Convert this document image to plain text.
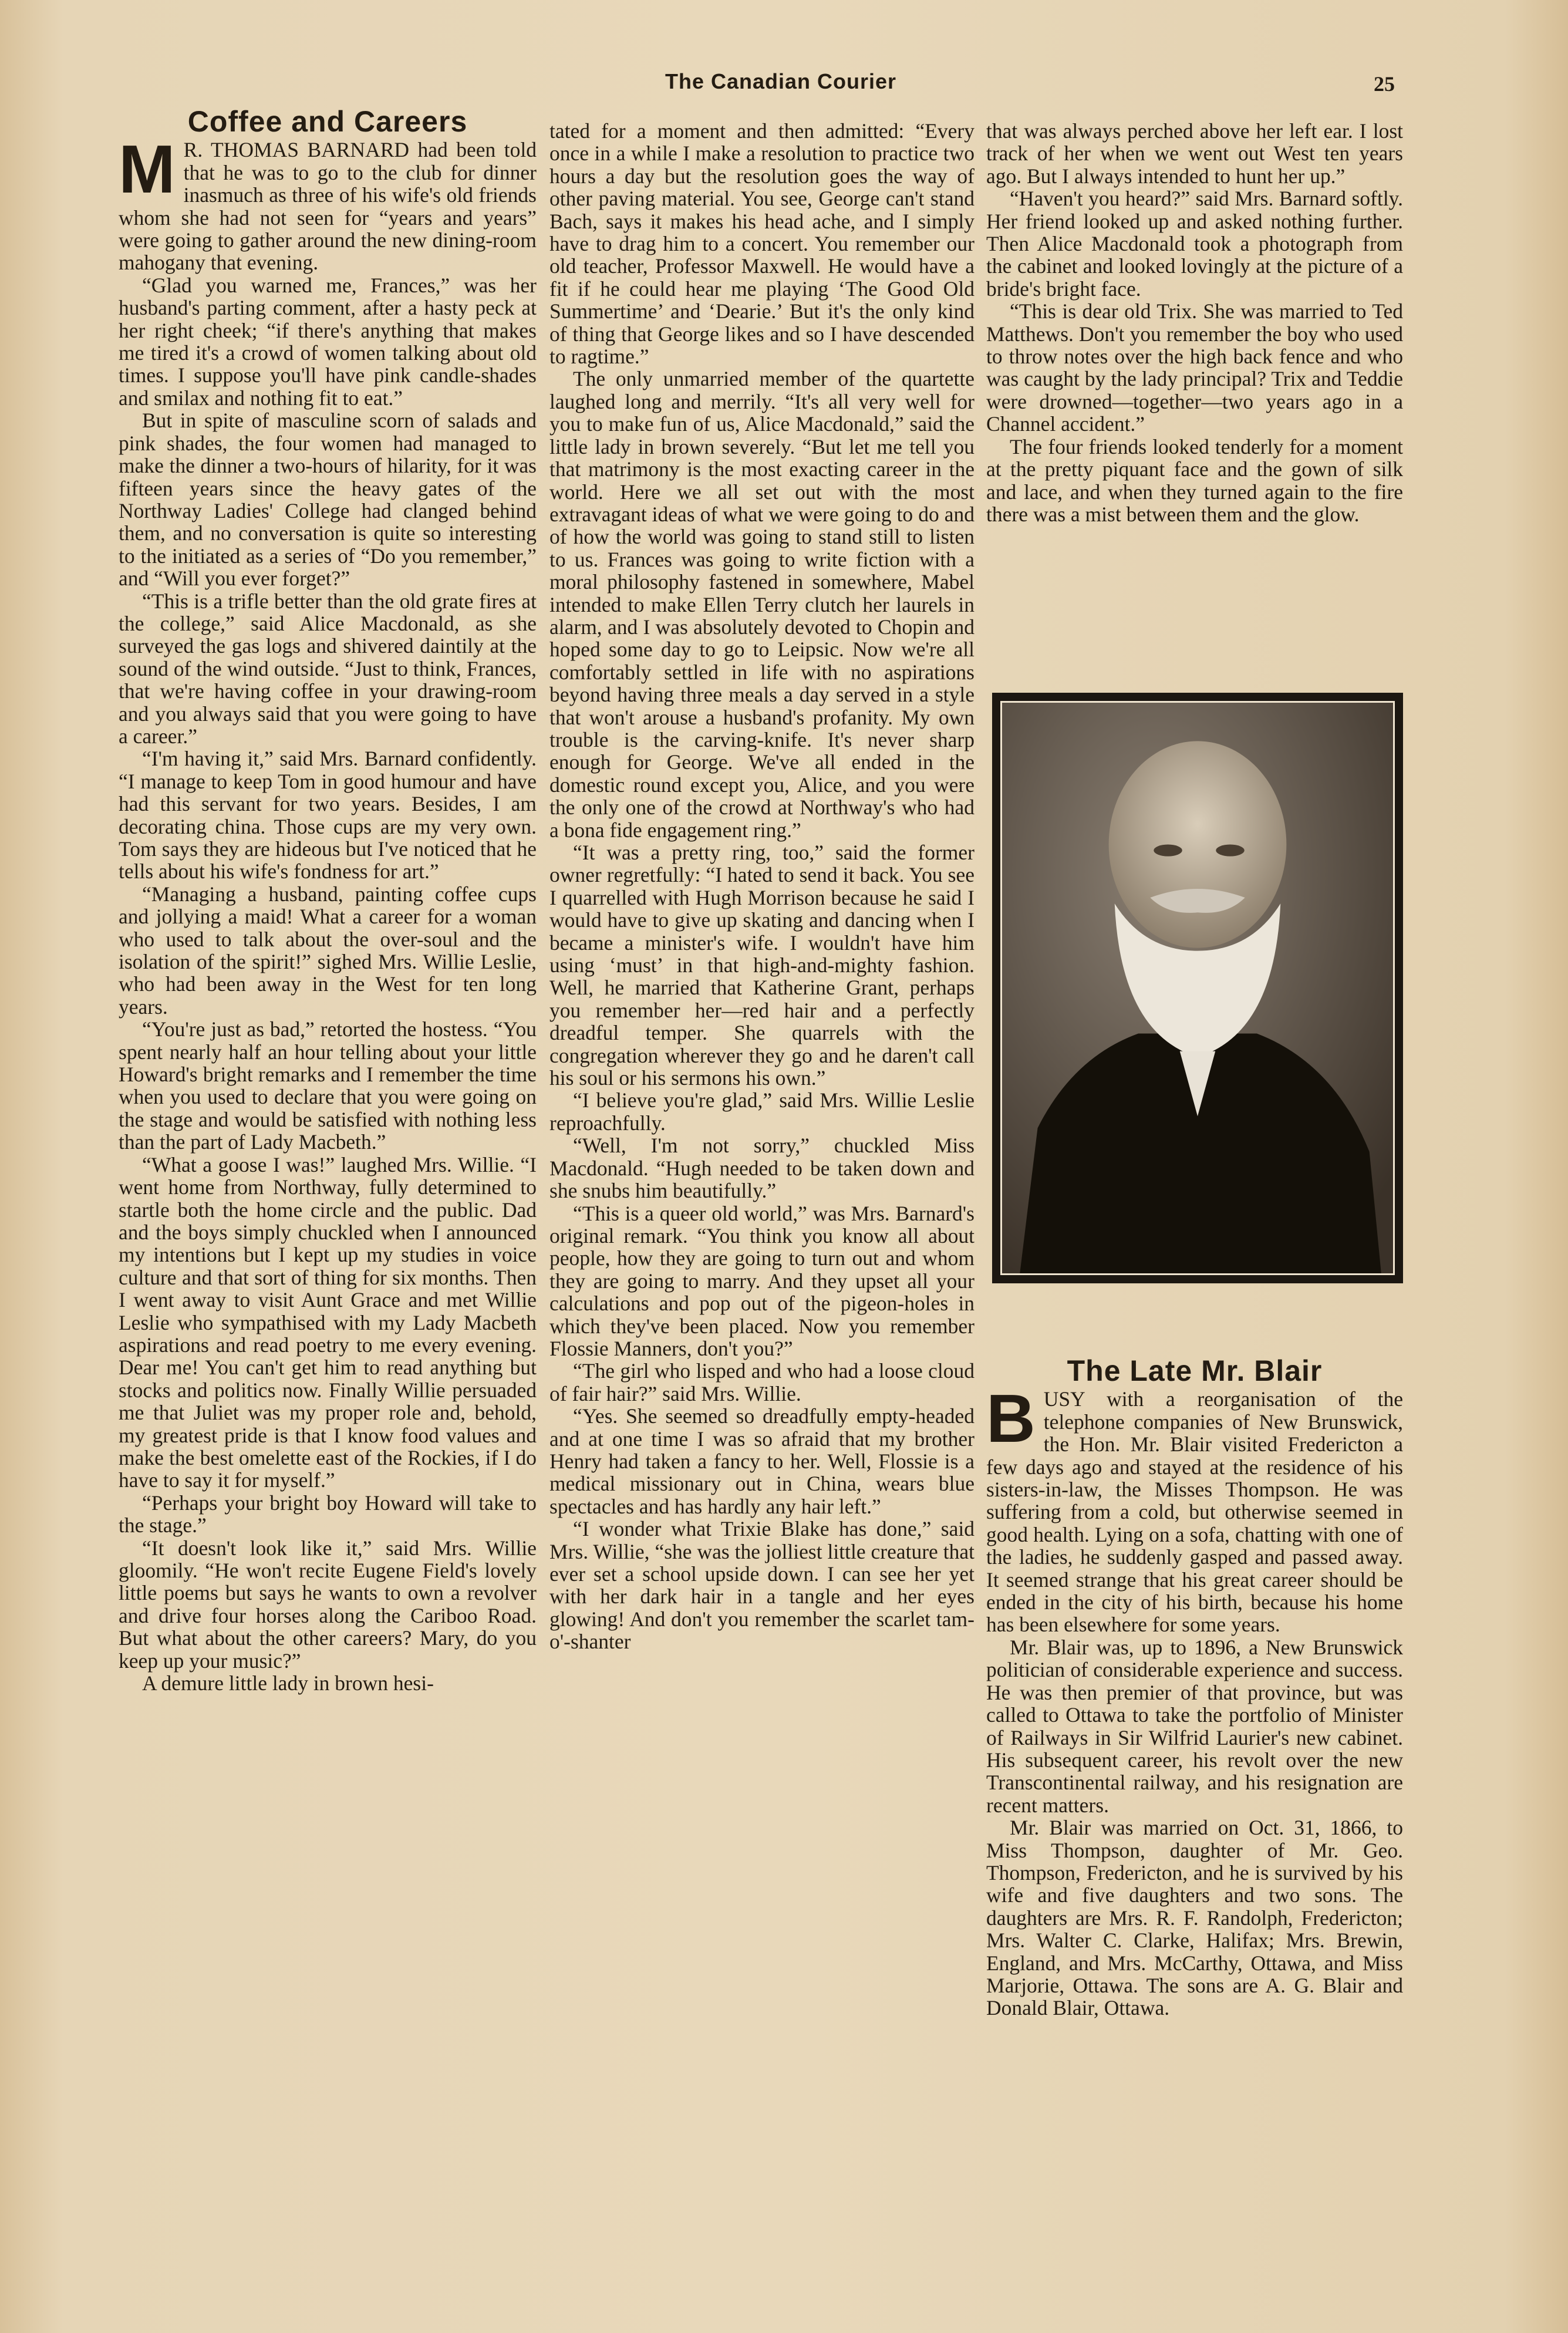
The Canadian Courier	25
Coffee and Careers

M R. THOMAS BARNARD had been told that he was to go to the club for dinner inasmuch as three of his wife's old friends whom she had not seen for “years and years” were going to gather around the new dining-room mahogany that evening.

“Glad you warned me, Frances,” was her husband's parting comment, after a hasty peck at her right cheek; “if there's anything that makes me tired it's a crowd of women talking about old times. I suppose you'll have pink candle-shades and smilax and nothing fit to eat.”

But in spite of masculine scorn of salads and pink shades, the four women had managed to make the dinner a two-hours of hilarity, for it was fifteen years since the heavy gates of the Northway Ladies' College had clanged behind them, and no conversation is quite so interesting to the initiated as a series of “Do you remember,” and “Will you ever forget?”

“This is a trifle better than the old grate fires at the college,” said Alice Macdonald, as she surveyed the gas logs and shivered daintily at the sound of the wind outside. “Just to think, Frances, that we're having coffee in your drawing-room and you always said that you were going to have a career.”

“I'm having it,” said Mrs. Barnard confidently. “I manage to keep Tom in good humour and have had this servant for two years. Besides, I am decorating china. Those cups are my very own. Tom says they are hideous but I've noticed that he tells about his wife's fondness for art.”

“Managing a husband, painting coffee cups and jollying a maid! What a career for a woman who used to talk about the over-soul and the isolation of the spirit!” sighed Mrs. Willie Leslie, who had been away in the West for ten long years.

“You're just as bad,” retorted the hostess. “You spent nearly half an hour telling about your little Howard's bright remarks and I remember the time when you used to declare that you were going on the stage and would be satisfied with nothing less than the part of Lady Macbeth.”

“What a goose I was!” laughed Mrs. Willie. “I went home from Northway, fully determined to startle both the home circle and the public. Dad and the boys simply chuckled when I announced my intentions but I kept up my studies in voice culture and that sort of thing for six months. Then I went away to visit Aunt Grace and met Willie Leslie who sympathised with my Lady Macbeth aspirations and read poetry to me every evening. Dear me! You can't get him to read anything but stocks and politics now. Finally Willie persuaded me that Juliet was my proper role and, behold, my greatest pride is that I know food values and make the best omelette east of the Rockies, if I do have to say it for myself.”

“Perhaps your bright boy Howard will take to the stage.”

“It doesn't look like it,” said Mrs. Willie gloomily. “He won't recite Eugene Field's lovely little poems but says he wants to own a revolver and drive four horses along the Cariboo Road. But what about the other careers? Mary, do you keep up your music?”

A demure little lady in brown hesi-

tated for a moment and then admitted: “Every once in a while I make a resolution to practice two hours a day but the resolution goes the way of other paving material. You see, George can't stand Bach, says it makes his head ache, and I simply have to drag him to a concert. You remember our old teacher, Professor Maxwell. He would have a fit if he could hear me playing ‘The Good Old Summertime’ and ‘Dearie.’ But it's the only kind of thing that George likes and so I have descended to ragtime.”

The only unmarried member of the quartette laughed long and merrily. “It's all very well for you to make fun of us, Alice Macdonald,” said the little lady in brown severely. “But let me tell you that matrimony is the most exacting career in the world. Here we all set out with the most extravagant ideas of what we were going to do and of how the world was going to stand still to listen to us. Frances was going to write fiction with a moral philosophy fastened in somewhere, Mabel intended to make Ellen Terry clutch her laurels in alarm, and I was absolutely devoted to Chopin and hoped some day to go to Leipsic. Now we're all comfortably settled in life with no aspirations beyond having three meals a day served in a style that won't arouse a husband's profanity. My own trouble is the carving-knife. It's never sharp enough for George. We've all ended in the domestic round except you, Alice, and you were the only one of the crowd at Northway's who had a bona fide engagement ring.”

“It was a pretty ring, too,” said the former owner regretfully: “I hated to send it back. You see I quarrelled with Hugh Morrison because he said I would have to give up skating and dancing when I became a minister's wife. I wouldn't have him using ‘must’ in that high-and-mighty fashion. Well, he married that Katherine Grant, perhaps you remember her—red hair and a perfectly dreadful temper. She quarrels with the congregation wherever they go and he daren't call his soul or his sermons his own.”

“I believe you're glad,” said Mrs. Willie Leslie reproachfully.

“Well, I'm not sorry,” chuckled Miss Macdonald. “Hugh needed to be taken down and she snubs him beautifully.”

“This is a queer old world,” was Mrs. Barnard's original remark. “You think you know all about people, how they are going to turn out and whom they are going to marry. And they upset all your calculations and pop out of the pigeon-holes in which they've been placed. Now you remember Flossie Manners, don't you?”

“The girl who lisped and who had a loose cloud of fair hair?” said Mrs. Willie.

“Yes. She seemed so dreadfully empty-headed and at one time I was so afraid that my brother Henry had taken a fancy to her. Well, Flossie is a medical missionary out in China, wears blue spectacles and has hardly any hair left.”

“I wonder what Trixie Blake has done,” said Mrs. Willie, “she was the jolliest little creature that ever set a school upside down. I can see her yet with her dark hair in a tangle and her eyes glowing! And don't you remember the scarlet tam-o'-shanter

that was always perched above her left ear. I lost track of her when we went out West ten years ago. But I always intended to hunt her up.”

“Haven't you heard?” said Mrs. Barnard softly. Her friend looked up and asked nothing further. Then Alice Macdonald took a photograph from the cabinet and looked lovingly at the picture of a bride's bright face.

“This is dear old Trix. She was married to Ted Matthews. Don't you remember the boy who used to throw notes over the high back fence and who was caught by the lady principal? Trix and Teddie were drowned—together—two years ago in a Channel accident.”

The four friends looked tenderly for a moment at the pretty piquant face and the gown of silk and lace, and when they turned again to the fire there was a mist between them and the glow.

The Late Mr. Blair

BUSY with a reorganisation of the telephone companies of New Brunswick, the Hon. Mr. Blair visited Fredericton a few days ago and stayed at the residence of his sisters-in-law, the Misses Thompson. He was suffering from a cold, but otherwise seemed in good health. Lying on a sofa, chatting with one of the ladies, he suddenly gasped and passed away. It seemed strange that his great career should be ended in the city of his birth, because his home has been elsewhere for some years.

Mr. Blair was, up to 1896, a New Brunswick politician of considerable experience and success. He was then premier of that province, but was called to Ottawa to take the portfolio of Minister of Railways in Sir Wilfrid Laurier's new cabinet. His subsequent career, his revolt over the new Transcontinental railway, and his resignation are recent matters.

Mr. Blair was married on Oct. 31, 1866, to Miss Thompson, daughter of Mr. Geo. Thompson, Fredericton, and he is survived by his wife and five daughters and two sons. The daughters are Mrs. R. F. Randolph, Fredericton; Mrs. Walter C. Clarke, Halifax; Mrs. Brewin, England, and Mrs. McCarthy, Ottawa, and Miss Marjorie, Ottawa. The sons are A. G. Blair and Donald Blair, Ottawa.
